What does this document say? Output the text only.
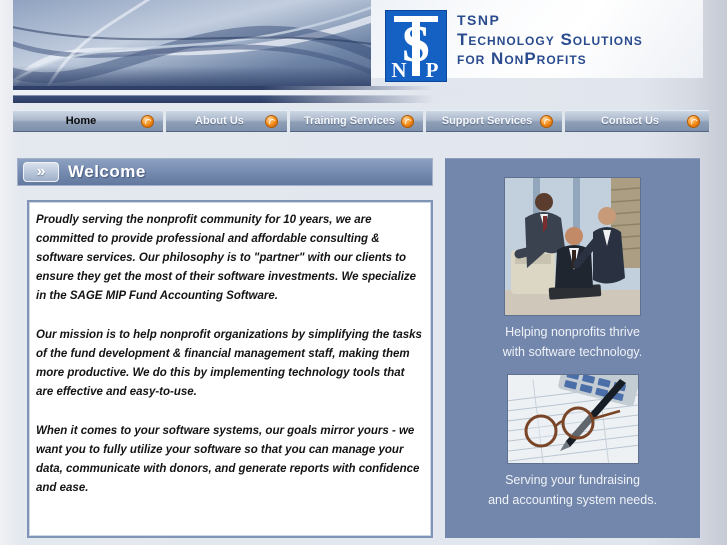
S
N P
TSNP
Technology Solutions
for NonProfits
Home	About Us	Training Services	Support Services	Contact Us
» Welcome

Proudly serving the nonprofit community for 10 years, we are committed to provide professional and affordable consulting & software services. Our philosophy is to "partner" with our clients to ensure they get the most of their software investments. We specialize in the SAGE MIP Fund Accounting Software.

Our mission is to help nonprofit organizations by simplifying the tasks of the fund development & financial management staff, making them more productive. We do this by implementing technology tools that are effective and easy-to-use.

When it comes to your software systems, our goals mirror yours - we want you to fully utilize your software so that you can manage your data, communicate with donors, and generate reports with confidence and ease.

Helping nonprofits thrive
with software technology.
Serving your fundraising
and accounting system needs.
